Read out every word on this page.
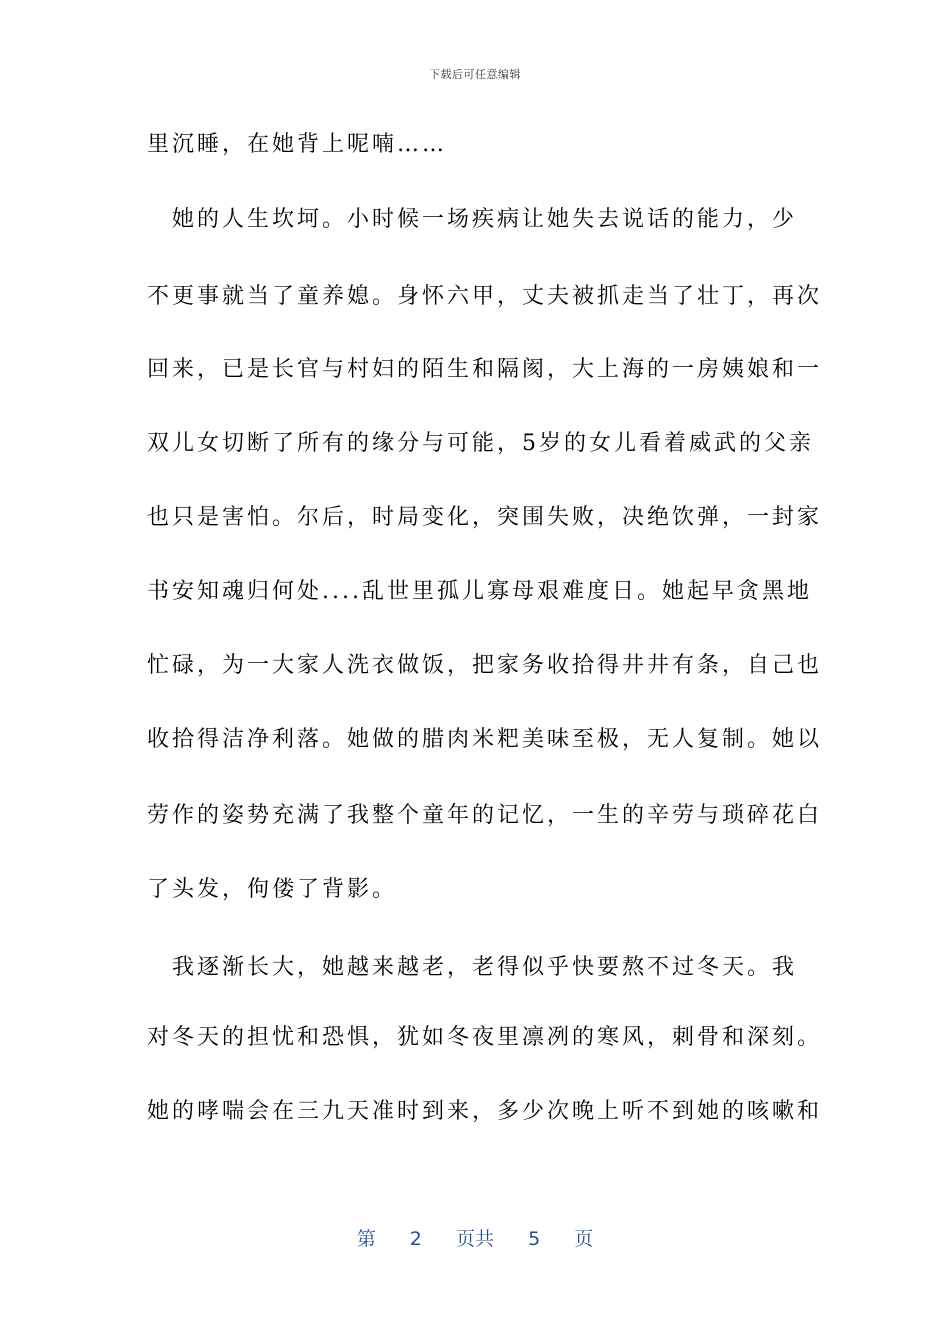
下载后可任意编辑
里沉睡，在她背上呢喃……
　她的人生坎坷。小时候一场疾病让她失去说话的能力，少
不更事就当了童养媳。身怀六甲，丈夫被抓走当了壮丁，再次
回来，已是长官与村妇的陌生和隔阂，大上海的一房姨娘和一
双儿女切断了所有的缘分与可能，5岁的女儿看着威武的父亲
也只是害怕。尔后，时局变化，突围失败，决绝饮弹，一封家
书安知魂归何处....乱世里孤儿寡母艰难度日。她起早贪黑地
忙碌，为一大家人洗衣做饭，把家务收拾得井井有条，自己也
收拾得洁净利落。她做的腊肉米粑美味至极，无人复制。她以
劳作的姿势充满了我整个童年的记忆，一生的辛劳与琐碎花白
了头发，佝偻了背影。
　我逐渐长大，她越来越老，老得似乎快要熬不过冬天。我
对冬天的担忧和恐惧，犹如冬夜里凛冽的寒风，刺骨和深刻。
她的哮喘会在三九天准时到来，多少次晚上听不到她的咳嗽和
第 2 页共 5 页
